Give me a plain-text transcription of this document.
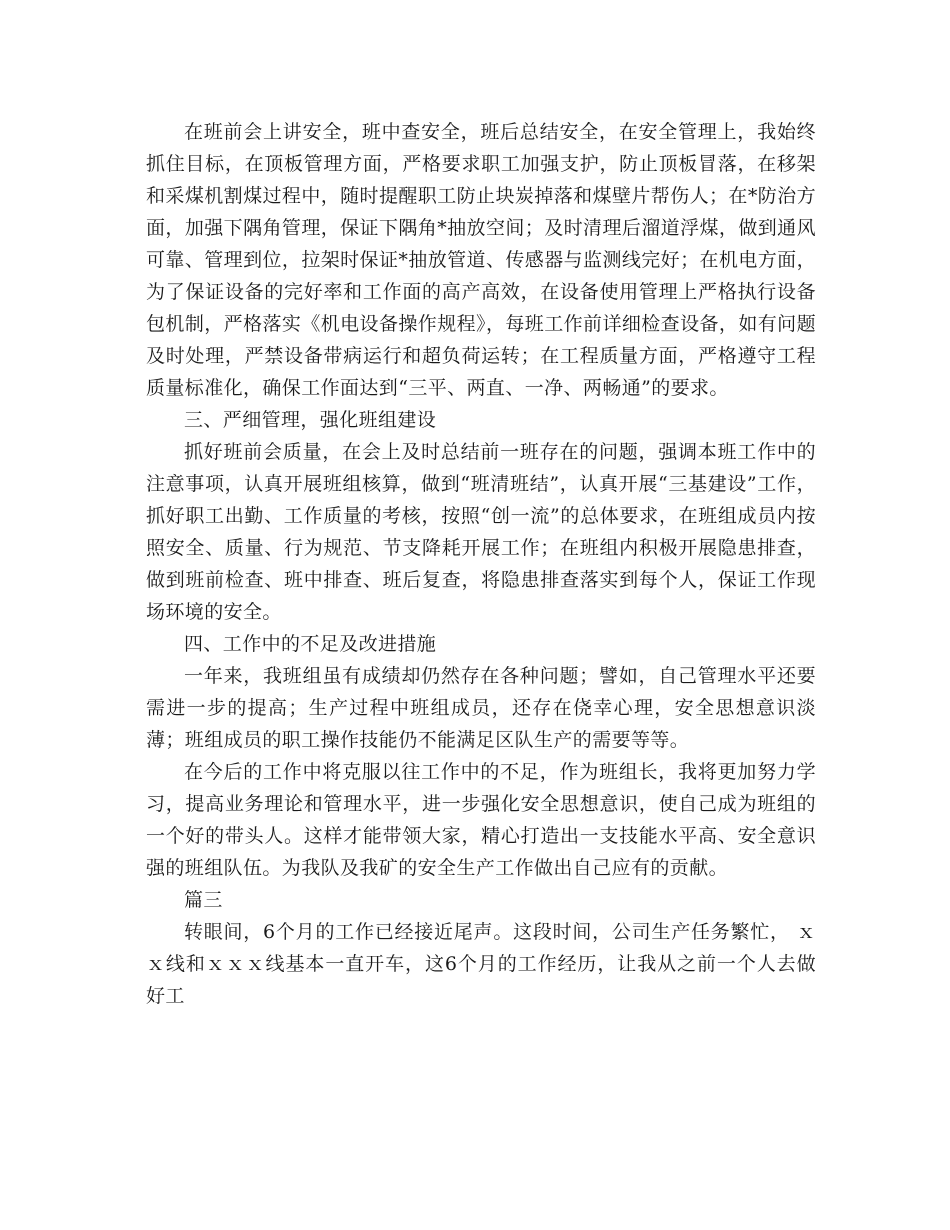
在班前会上讲安全，班中查安全，班后总结安全，在安全管理上，我始终抓住目标，在顶板管理方面，严格要求职工加强支护，防止顶板冒落，在移架和采煤机割煤过程中，随时提醒职工防止块炭掉落和煤壁片帮伤人；在*防治方面，加强下隅角管理，保证下隅角*抽放空间；及时清理后溜道浮煤，做到通风可靠、管理到位，拉架时保证*抽放管道、传感器与监测线完好；在机电方面，为了保证设备的完好率和工作面的高产高效，在设备使用管理上严格执行设备包机制，严格落实《机电设备操作规程》，每班工作前详细检查设备，如有问题及时处理，严禁设备带病运行和超负荷运转；在工程质量方面，严格遵守工程质量标准化，确保工作面达到“三平、两直、一净、两畅通”的要求。

三、严细管理，强化班组建设

抓好班前会质量，在会上及时总结前一班存在的问题，强调本班工作中的注意事项，认真开展班组核算，做到“班清班结”，认真开展“三基建设”工作，抓好职工出勤、工作质量的考核，按照“创一流”的总体要求，在班组成员内按照安全、质量、行为规范、节支降耗开展工作；在班组内积极开展隐患排查，做到班前检查、班中排查、班后复查，将隐患排查落实到每个人，保证工作现场环境的安全。

四、工作中的不足及改进措施

一年来，我班组虽有成绩却仍然存在各种问题；譬如，自己管理水平还要需进一步的提高；生产过程中班组成员，还存在侥幸心理，安全思想意识淡薄；班组成员的职工操作技能仍不能满足区队生产的需要等等。

在今后的工作中将克服以往工作中的不足，作为班组长，我将更加努力学习，提高业务理论和管理水平，进一步强化安全思想意识，使自己成为班组的一个好的带头人。这样才能带领大家，精心打造出一支技能水平高、安全意识强的班组队伍。为我队及我矿的安全生产工作做出自己应有的贡献。

篇三

转眼间，6个月的工作已经接近尾声。这段时间，公司生产任务繁忙， ｘｘ线和ｘｘｘ线基本一直开车，这6个月的工作经历，让我从之前一个人去做好工
